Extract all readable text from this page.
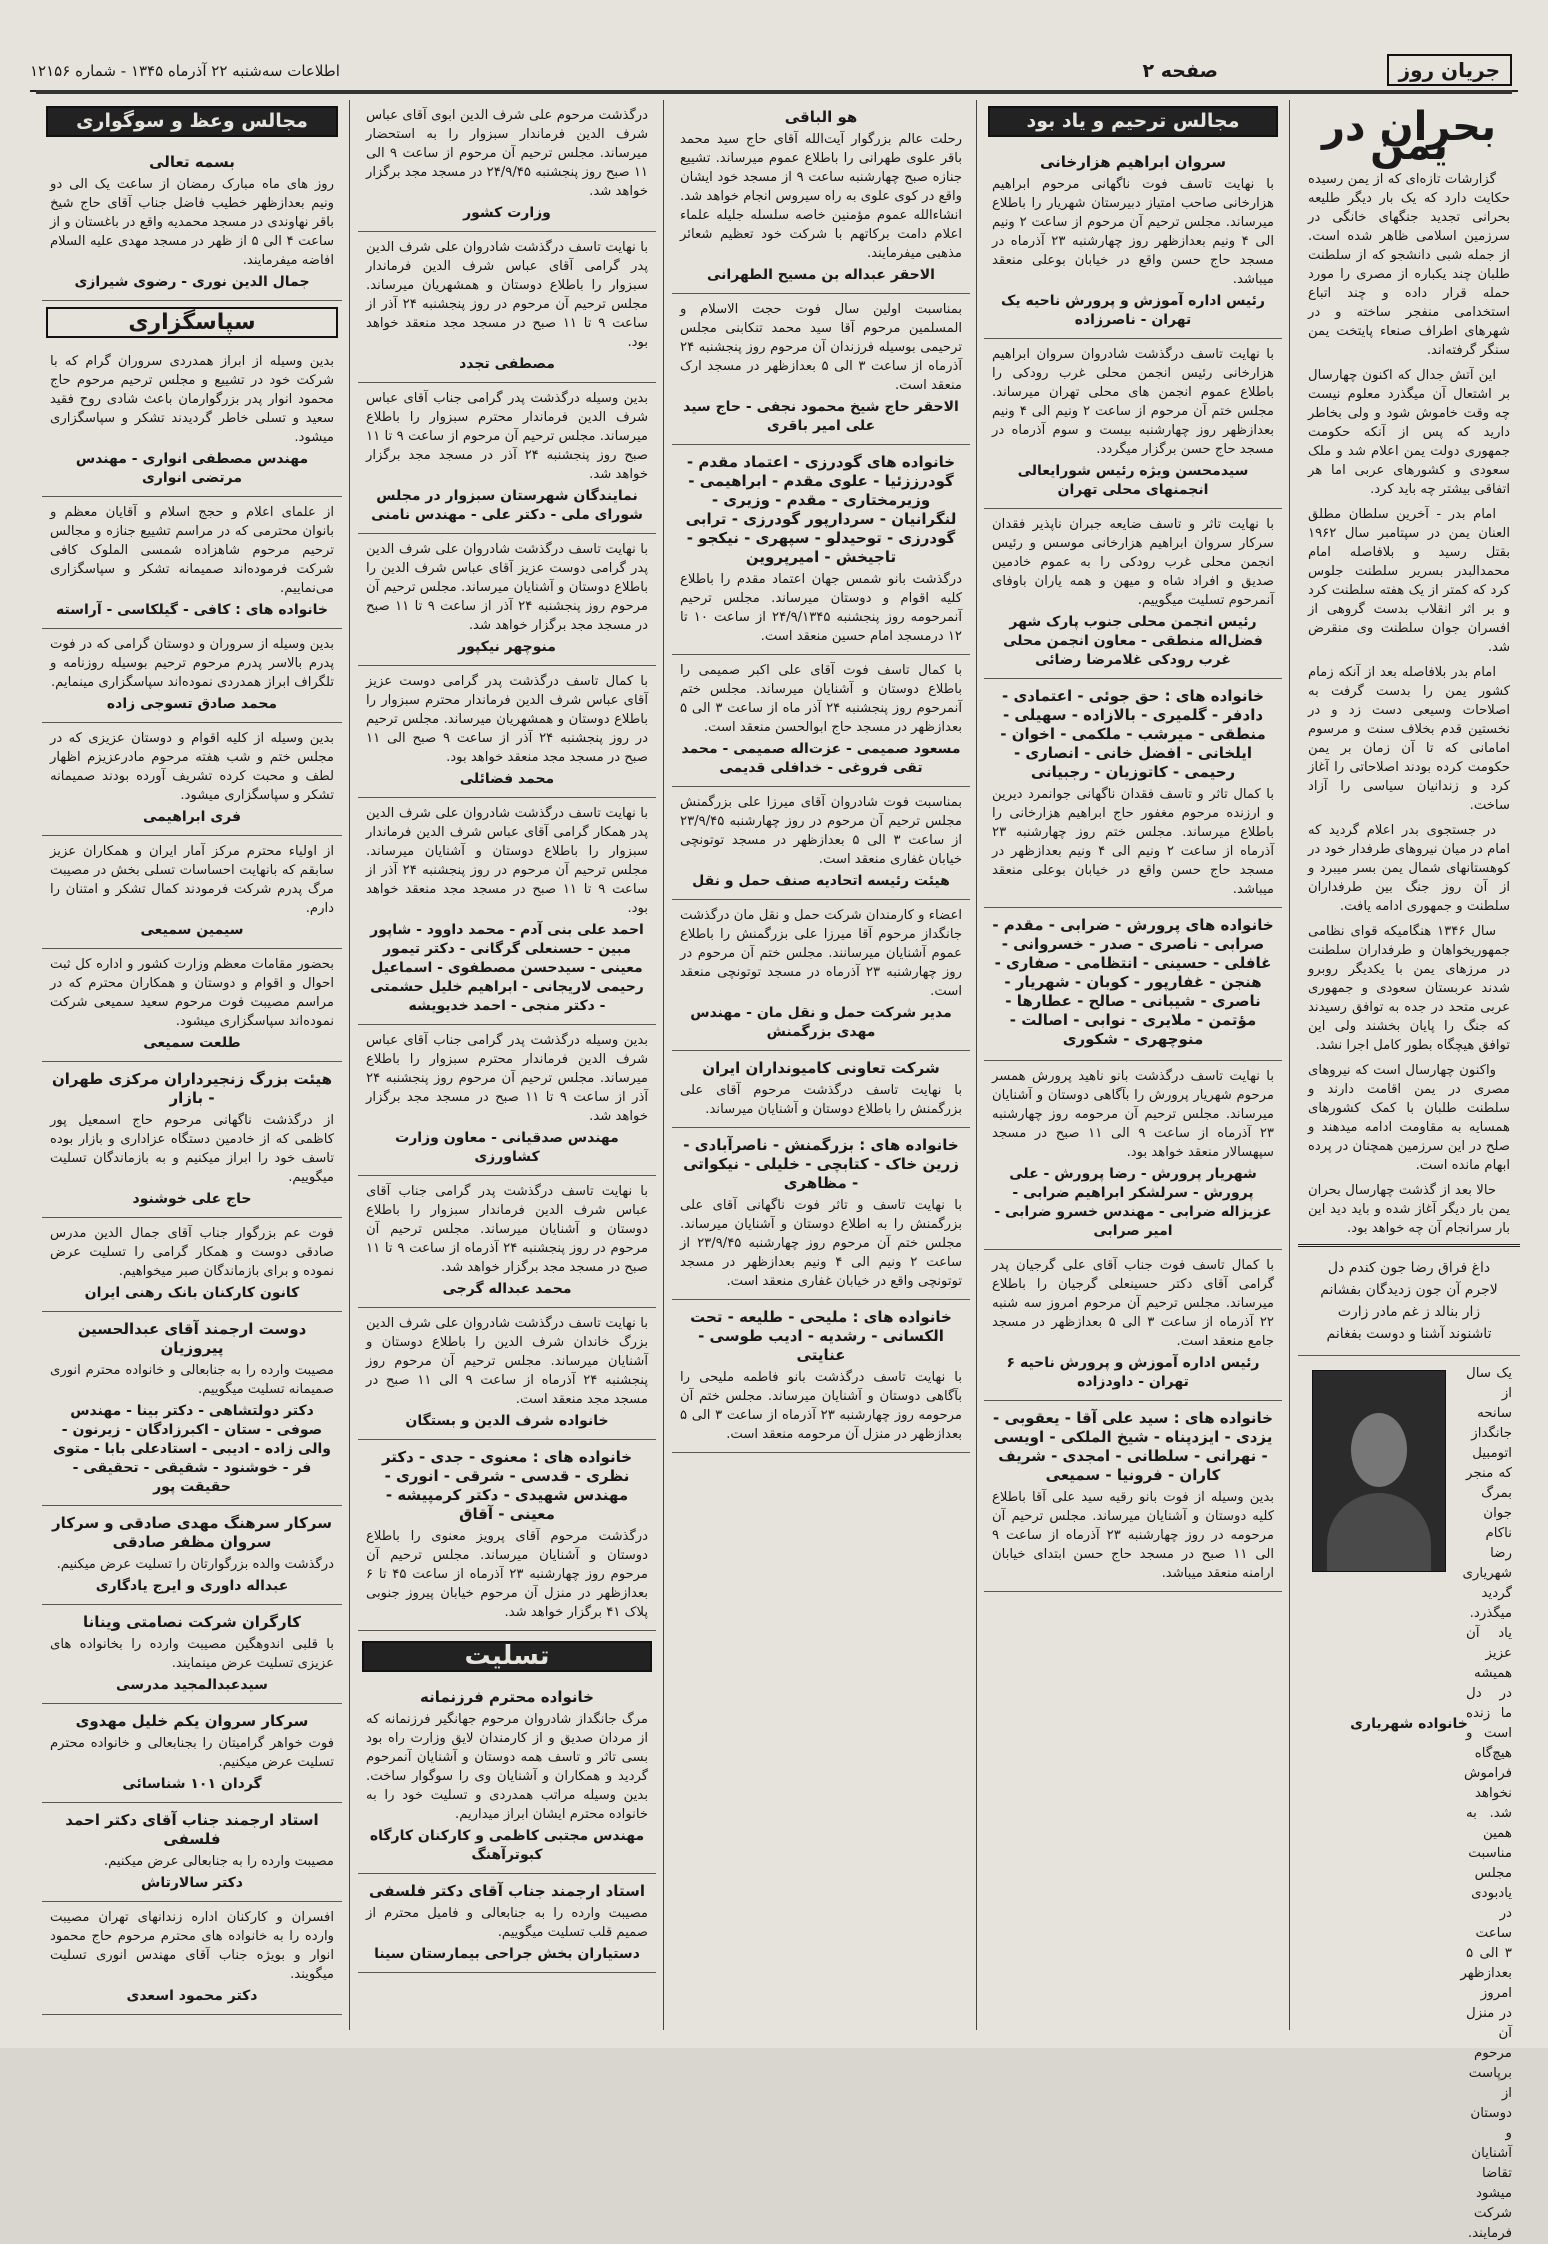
جریان روز
صفحه ۲
اطلاعات سه‌شنبه ۲۲ آذرماه ۱۳۴۵ - شماره ۱۲۱۵۶
بحران در یمن

گزارشات تازه‌ای که از یمن رسیده حکایت دارد که یک بار دیگر طلیعه بحرانی تجدید جنگهای خانگی در سرزمین اسلامی ظاهر شده است. از جمله شبی دانشجو که از سلطنت طلبان چند یکباره از مصری را مورد حمله قرار داده و چند اتباع استخدامی منفجر ساخته و در شهرهای اطراف صنعاء پایتخت یمن سنگر گرفته‌اند.

این آتش جدال که اکنون چهارسال بر اشتعال آن میگذرد معلوم نیست چه وقت خاموش شود و ولی بخاطر دارید که پس از آنکه حکومت جمهوری دولت یمن اعلام شد و ملک سعودی و کشورهای عربی اما هر اتفاقی بیشتر چه باید کرد.

امام بدر - آخرین سلطان مطلق العنان یمن در سپتامبر سال ۱۹۶۲ بقتل رسید و بلافاصله امام محمدالبدر بسریر سلطنت جلوس کرد که کمتر از یک هفته سلطنت کرد و بر اثر انقلاب بدست گروهی از افسران جوان سلطنت وی منقرض شد.

امام بدر بلافاصله بعد از آنکه زمام کشور یمن را بدست گرفت به اصلاحات وسیعی دست زد و در نخستین قدم بخلاف سنت و مرسوم امامانی که تا آن زمان بر یمن حکومت کرده بودند اصلاحاتی را آغاز کرد و زندانیان سیاسی را آزاد ساخت.

در جستجوی بدر اعلام گردید که امام در میان نیروهای طرفدار خود در کوهستانهای شمال یمن بسر میبرد و از آن روز جنگ بین طرفداران سلطنت و جمهوری ادامه یافت.

سال ۱۳۴۶ هنگامیکه قوای نظامی جمهوریخواهان و طرفداران سلطنت در مرزهای یمن با یکدیگر روبرو شدند عربستان سعودی و جمهوری عربی متحد در جده به توافق رسیدند که جنگ را پایان بخشند ولی این توافق هیچگاه بطور کامل اجرا نشد.

واکنون چهارسال است که نیروهای مصری در یمن اقامت دارند و سلطنت طلبان با کمک کشورهای همسایه به مقاومت ادامه میدهند و صلح در این سرزمین همچنان در پرده ابهام مانده است.

حالا بعد از گذشت چهارسال بحران یمن بار دیگر آغاز شده و باید دید این بار سرانجام آن چه خواهد بود.

داغ فراق رضا جون کندم دل
لاجرم آن جون زدیدگان بفشانم
زار بنالد ز غم مادر زارت
تاشنوند آشنا و دوست بفغانم
یک سال از سانحه جانگداز اتومبیل که منجر بمرگ جوان ناکام رضا شهریاری گردید میگذرد. یاد آن عزیز همیشه در دل ما زنده است و هیچ‌گاه فراموش نخواهد شد. به همین مناسبت مجلس یادبودی در ساعت ۳ الی ۵ بعدازظهر امروز در منزل آن مرحوم برپاست از دوستان و آشنایان تقاضا میشود شرکت فرمایند.
خانواده شهریاری
مجالس ترحیم و یاد بود

سروان ابراهیم هزارخانی

با نهایت تاسف فوت ناگهانی مرحوم ابراهیم هزارخانی صاحب امتیاز دبیرستان شهریار را باطلاع میرساند. مجلس ترحیم آن مرحوم از ساعت ۲ ونیم الی ۴ ونیم بعدازظهر روز چهارشنبه ۲۳ آذرماه در مسجد حاج حسن واقع در خیابان بوعلی منعقد میباشد.

رئیس اداره آموزش و پرورش ناحیه یک تهران - ناصرزاده

با نهایت تاسف درگذشت شادروان سروان ابراهیم هزارخانی رئیس انجمن محلی غرب رودکی را باطلاع عموم انجمن های محلی تهران میرساند. مجلس ختم آن مرحوم از ساعت ۲ ونیم الی ۴ ونیم بعدازظهر روز چهارشنبه بیست و سوم آذرماه در مسجد حاج حسن برگزار میگردد.

سیدمحسن ویژه رئیس شورایعالی انجمنهای محلی تهران

با نهایت تاثر و تاسف ضایعه جبران ناپذیر فقدان سرکار سروان ابراهیم هزارخانی موسس و رئیس انجمن محلی غرب رودکی را به عموم خادمین صدیق و افراد شاه و میهن و همه یاران باوفای آنمرحوم تسلیت میگوییم.

رئیس انجمن محلی جنوب پارک شهر فضل‌اله منطقی - معاون انجمن محلی غرب رودکی غلامرضا رضائی

خانواده های : حق جوئی - اعتمادی - دادفر - گلمیری - بالازاده - سهیلی - منطقی - میرشب - ملکمی - اخوان - ایلخانی - افضل خانی - انصاری - رحیمی - کاتوزیان - رجبیانی

با کمال تاثر و تاسف فقدان ناگهانی جوانمرد دیرین و ارزنده مرحوم مغفور حاج ابراهیم هزارخانی را باطلاع میرساند. مجلس ختم روز چهارشنبه ۲۳ آذرماه از ساعت ۲ ونیم الی ۴ ونیم بعدازظهر در مسجد حاج حسن واقع در خیابان بوعلی منعقد میباشد.

خانواده های پرورش - ضرابی - مقدم - صرابی - ناصری - صدر - خسروانی - غافلی - حسینی - انتظامی - صفاری - هنجن - غفارپور - کوبان - شهریار - ناصری - شیبانی - صالح - عطارها - مؤتمن - ملایری - نوابی - اصالت - منوچهری - شکوری

با نهایت تاسف درگذشت بانو ناهید پرورش همسر مرحوم شهریار پرورش را بآگاهی دوستان و آشنایان میرساند. مجلس ترحیم آن مرحومه روز چهارشنبه ۲۳ آذرماه از ساعت ۹ الی ۱۱ صبح در مسجد سپهسالار منعقد خواهد بود.

شهریار پرورش - رضا پرورش - علی پرورش - سرلشکر ابراهیم ضرابی - عزیزاله ضرابی - مهندس خسرو ضرابی - امیر صرابی

با کمال تاسف فوت جناب آقای علی گرجیان پدر گرامی آقای دکتر حسینعلی گرجیان را باطلاع میرساند. مجلس ترحیم آن مرحوم امروز سه شنبه ۲۲ آذرماه از ساعت ۳ الی ۵ بعدازظهر در مسجد جامع منعقد است.

رئیس اداره آموزش و پرورش ناحیه ۶ تهران - داودزاده

خانواده های : سید علی آقا - یعقوبی - یزدی - ایزدپناه - شیخ الملکی - اویسی - نهرانی - سلطانی - امجدی - شریف کاران - فرونیا - سمیعی

بدین وسیله از فوت بانو رقیه سید علی آقا باطلاع کلیه دوستان و آشنایان میرساند. مجلس ترحیم آن مرحومه در روز چهارشنبه ۲۳ آذرماه از ساعت ۹ الی ۱۱ صبح در مسجد حاج حسن ابتدای خیابان ارامنه منعقد میباشد.

هو الباقی

رحلت عالم بزرگوار آیت‌الله آقای حاج سید محمد باقر علوی طهرانی را باطلاع عموم میرساند. تشییع جنازه صبح چهارشنبه ساعت ۹ از مسجد خود ایشان واقع در کوی علوی به راه سیروس انجام خواهد شد. انشاءالله عموم مؤمنین خاصه سلسله جلیله علماء اعلام دامت برکاتهم با شرکت خود تعظیم شعائر مذهبی میفرمایند.

الاحقر عبداله بن مسیح الطهرانی

بمناسبت اولین سال فوت حجت الاسلام و المسلمین مرحوم آقا سید محمد تنکابنی مجلس ترحیمی بوسیله فرزندان آن مرحوم روز پنجشنبه ۲۴ آذرماه از ساعت ۳ الی ۵ بعدازظهر در مسجد ارک منعقد است.

الاحقر حاج شیخ محمود نجفی - حاج سید علی امیر باقری

خانواده های گودرزی - اعتماد مقدم - گودرززئیا - علوی مقدم - ابراهیمی - وزیرمختاری - مقدم - وزیری - لنگرانیان - سردارپور گودرزی - ترابی گودرزی - توحیدلو - سپهری - نیکجو - تاجیخش - امیرپروین

درگذشت بانو شمس جهان اعتماد مقدم را باطلاع کلیه اقوام و دوستان میرساند. مجلس ترحیم آنمرحومه روز پنجشنبه ۲۴/۹/۱۳۴۵ از ساعت ۱۰ تا ۱۲ درمسجد امام حسین منعقد است.

با کمال تاسف فوت آقای علی اکبر صمیمی را باطلاع دوستان و آشنایان میرساند. مجلس ختم آنمرحوم روز پنجشنبه ۲۴ آذر ماه از ساعت ۳ الی ۵ بعدازظهر در مسجد حاج ابوالحسن منعقد است.

مسعود صمیمی - عزت‌اله صمیمی - محمد تقی فروغی - خدافلی قدیمی

بمناسبت فوت شادروان آقای میرزا علی بزرگمنش مجلس ترحیم آن مرحوم در روز چهارشنبه ۲۳/۹/۴۵ از ساعت ۳ الی ۵ بعدازظهر در مسجد توتونچی خیابان غفاری منعقد است.

هیئت رئیسه اتحادیه صنف حمل و نقل

اعضاء و کارمندان شرکت حمل و نقل مان درگذشت جانگداز مرحوم آقا میرزا علی بزرگمنش را باطلاع عموم آشنایان میرسانند. مجلس ختم آن مرحوم در روز چهارشنبه ۲۳ آذرماه در مسجد توتونچی منعقد است.

مدیر شرکت حمل و نقل مان - مهندس مهدی بزرگمنش

شرکت تعاونی کامیونداران ایران

با نهایت تاسف درگذشت مرحوم آقای علی بزرگمنش را باطلاع دوستان و آشنایان میرساند.

خانواده های : بزرگمنش - ناصرآبادی - زرین خاک - کتابچی - خلیلی - نیکواتی - مظاهری

با نهایت تاسف و تاثر فوت ناگهانی آقای علی بزرگمنش را به اطلاع دوستان و آشنایان میرساند. مجلس ختم آن مرحوم روز چهارشنبه ۲۳/۹/۴۵ از ساعت ۲ ونیم الی ۴ ونیم بعدازظهر در مسجد توتونچی واقع در خیابان غفاری منعقد است.

خانواده های : ملیحی - طلیعه - تحت الکسانی - رشدیه - ادیب طوسی - عنایتی

با نهایت تاسف درگذشت بانو فاطمه ملیحی را بآگاهی دوستان و آشنایان میرساند. مجلس ختم آن مرحومه روز چهارشنبه ۲۳ آذرماه از ساعت ۳ الی ۵ بعدازظهر در منزل آن مرحومه منعقد است.

درگذشت مرحوم علی شرف الدین ابوی آقای عباس شرف الدین فرماندار سبزوار را به استحضار میرساند. مجلس ترحیم آن مرحوم از ساعت ۹ الی ۱۱ صبح روز پنجشنبه ۲۴/۹/۴۵ در مسجد مجد برگزار خواهد شد.

وزارت کشور

با نهایت تاسف درگذشت شادروان علی شرف الدین پدر گرامی آقای عباس شرف الدین فرماندار سبزوار را باطلاع دوستان و همشهریان میرساند. مجلس ترحیم آن مرحوم در روز پنجشنبه ۲۴ آذر از ساعت ۹ تا ۱۱ صبح در مسجد مجد منعقد خواهد بود.

مصطفی تجدد

بدین وسیله درگذشت پدر گرامی جناب آقای عباس شرف الدین فرماندار محترم سبزوار را باطلاع میرساند. مجلس ترحیم آن مرحوم از ساعت ۹ تا ۱۱ صبح روز پنجشنبه ۲۴ آذر در مسجد مجد برگزار خواهد شد.

نمایندگان شهرستان سبزوار در مجلس شورای ملی - دکتر علی - مهندس نامنی

با نهایت تاسف درگذشت شادروان علی شرف الدین پدر گرامی دوست عزیز آقای عباس شرف الدین را باطلاع دوستان و آشنایان میرساند. مجلس ترحیم آن مرحوم روز پنجشنبه ۲۴ آذر از ساعت ۹ تا ۱۱ صبح در مسجد مجد برگزار خواهد شد.

منوچهر نیکپور

با کمال تاسف درگذشت پدر گرامی دوست عزیز آقای عباس شرف الدین فرماندار محترم سبزوار را باطلاع دوستان و همشهریان میرساند. مجلس ترحیم در روز پنجشنبه ۲۴ آذر از ساعت ۹ صبح الی ۱۱ صبح در مسجد مجد منعقد خواهد بود.

محمد فضائلی

با نهایت تاسف درگذشت شادروان علی شرف الدین پدر همکار گرامی آقای عباس شرف الدین فرماندار سبزوار را باطلاع دوستان و آشنایان میرساند. مجلس ترحیم آن مرحوم در روز پنجشنبه ۲۴ آذر از ساعت ۹ تا ۱۱ صبح در مسجد مجد منعقد خواهد بود.

احمد علی بنی آدم - محمد داوود - شاپور مبین - حسنعلی گرگانی - دکتر تیمور معینی - سیدحسن مصطفوی - اسماعیل رحیمی لاریجانی - ابراهیم خلیل حشمتی - دکتر منجی - احمد خدیویشه

بدین وسیله درگذشت پدر گرامی جناب آقای عباس شرف الدین فرماندار محترم سبزوار را باطلاع میرساند. مجلس ترحیم آن مرحوم روز پنجشنبه ۲۴ آذر از ساعت ۹ تا ۱۱ صبح در مسجد مجد برگزار خواهد شد.

مهندس صدقیانی - معاون وزارت کشاورزی

با نهایت تاسف درگذشت پدر گرامی جناب آقای عباس شرف الدین فرماندار سبزوار را باطلاع دوستان و آشنایان میرساند. مجلس ترحیم آن مرحوم در روز پنجشنبه ۲۴ آذرماه از ساعت ۹ تا ۱۱ صبح در مسجد مجد برگزار خواهد شد.

محمد عبداله گرجی

با نهایت تاسف درگذشت شادروان علی شرف الدین بزرگ خاندان شرف الدین را باطلاع دوستان و آشنایان میرساند. مجلس ترحیم آن مرحوم روز پنجشنبه ۲۴ آذرماه از ساعت ۹ الی ۱۱ صبح در مسجد مجد منعقد است.

خانواده شرف الدین و بستگان

خانواده های : معنوی - جدی - دکتر نظری - قدسی - شرقی - انوری - مهندس شهیدی - دکتر کرمپیشه - معینی - آقاق

درگذشت مرحوم آقای پرویز معنوی را باطلاع دوستان و آشنایان میرساند. مجلس ترحیم آن مرحوم روز چهارشنبه ۲۳ آذرماه از ساعت ۴۵ تا ۶ بعدازظهر در منزل آن مرحوم خیابان پیروز جنوبی پلاک ۴۱ برگزار خواهد شد.

تسلیت

خانواده محترم فرزنمانه

مرگ جانگداز شادروان مرحوم جهانگیر فرزنمانه که از مردان صدیق و از کارمندان لایق وزارت راه بود بسی تاثر و تاسف همه دوستان و آشنایان آنمرحوم گردید و همکاران و آشنایان وی را سوگوار ساخت. بدین وسیله مراتب همدردی و تسلیت خود را به خانواده محترم ایشان ابراز میداریم.

مهندس مجتبی کاظمی و کارکنان کارگاه کبوترآهنگ

استاد ارجمند جناب آقای دکتر فلسفی

مصیبت وارده را به جنابعالی و فامیل محترم از صمیم قلب تسلیت میگوییم.

دستیاران بخش جراحی بیمارستان سینا

مجالس وعظ و سوگواری

بسمه تعالی

روز های ماه مبارک رمضان از ساعت یک الی دو ونیم بعدازظهر خطیب فاضل جناب آقای حاج شیخ باقر نهاوندی در مسجد محمدیه واقع در باغستان و از ساعت ۴ الی ۵ از ظهر در مسجد مهدی علیه السلام افاضه میفرمایند.

جمال الدین نوری - رضوی شیرازی

سپاسگزاری

بدین وسیله از ابراز همدردی سروران گرام که با شرکت خود در تشییع و مجلس ترحیم مرحوم حاج محمود انوار پدر بزرگوارمان باعث شادی روح فقید سعید و تسلی خاطر گردیدند تشکر و سپاسگزاری میشود.

مهندس مصطفی انواری - مهندس مرتضی انواری

از علمای اعلام و حجج اسلام و آقایان معظم و بانوان محترمی که در مراسم تشییع جنازه و مجالس ترحیم مرحوم شاهزاده شمسی الملوک کافی شرکت فرموده‌اند صمیمانه تشکر و سپاسگزاری می‌نماییم.

خانواده های : کافی - گیلکاسی - آراسته

بدین وسیله از سروران و دوستان گرامی که در فوت پدرم بالاسر پدرم مرحوم ترحیم بوسیله روزنامه و تلگراف ابراز همدردی نموده‌اند سپاسگزاری مینمایم.

محمد صادق تسوجی زاده

بدین وسیله از کلیه اقوام و دوستان عزیزی که در مجلس ختم و شب هفته مرحوم مادرعزیزم اظهار لطف و محبت کرده تشریف آورده بودند صمیمانه تشکر و سپاسگزاری میشود.

فری ابراهیمی

از اولیاء محترم مرکز آمار ایران و همکاران عزیز سابقم که بانهایت احساسات تسلی بخش در مصیبت مرگ پدرم شرکت فرمودند کمال تشکر و امتنان را دارم.

سیمین سمیعی

بحضور مقامات معظم وزارت کشور و اداره کل ثبت احوال و اقوام و دوستان و همکاران محترم که در مراسم مصیبت فوت مرحوم سعید سمیعی شرکت نموده‌اند سپاسگزاری میشود.

طلعت سمیعی

هیئت بزرگ زنجیرداران مرکزی طهران - بازار

از درگذشت ناگهانی مرحوم حاج اسمعیل پور کاظمی که از خادمین دستگاه عزاداری و بازار بوده تاسف خود را ابراز میکنیم و به بازماندگان تسلیت میگوییم.

حاج علی خوشنود

فوت عم بزرگوار جناب آقای جمال الدین مدرس صادقی دوست و همکار گرامی را تسلیت عرض نموده و برای بازماندگان صبر میخواهیم.

کانون کارکنان بانک رهنی ایران

دوست ارجمند آقای عبدالحسین پیروزیان

مصیبت وارده را به جنابعالی و خانواده محترم انوری صمیمانه تسلیت میگوییم.

دکتر دولتشاهی - دکتر بینا - مهندس صوفی - ستان - اکبرزادگان - زیرنون - والی زاده - ادیبی - استادعلی بابا - متوی فر - خوشنود - شقیقی - تحقیقی - حقیقت پور

سرکار سرهنگ مهدی صادقی و سرکار سروان مظفر صادقی

درگذشت والده بزرگوارتان را تسلیت عرض میکنیم.

عبداله داوری و ایرج یادگاری

کارگران شرکت نصامتی وینانا

با قلبی اندوهگین مصیبت وارده را بخانواده های عزیزی تسلیت عرض مینمایند.

سیدعبدالمجید مدرسی

سرکار سروان یکم خلیل مهدوی

فوت خواهر گرامیتان را بجنابعالی و خانواده محترم تسلیت عرض میکنیم.

گردان ۱۰۱ شناسائی

استاد ارجمند جناب آقای دکتر احمد فلسفی

مصیبت وارده را به جنابعالی عرض میکنیم.

دکتر سالارتاش

افسران و کارکنان اداره زندانهای تهران مصیبت وارده را به خانواده های محترم مرحوم حاج محمود انوار و بویژه جناب آقای مهندس انوری تسلیت میگویند.

دکتر محمود اسعدی
